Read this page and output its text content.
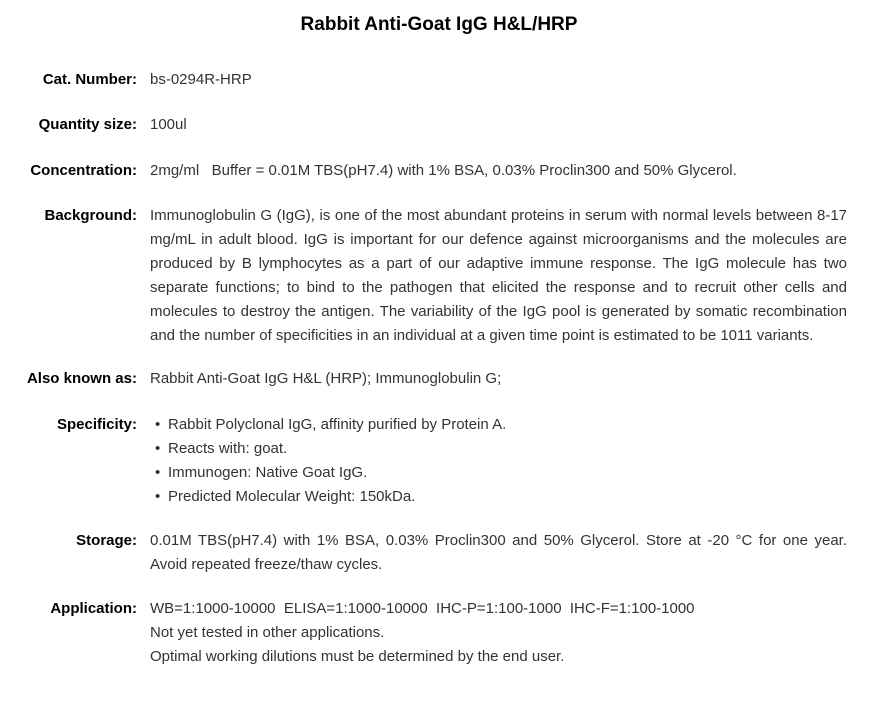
Rabbit Anti-Goat IgG H&L/HRP
Cat. Number: bs-0294R-HRP
Quantity size: 100ul
Concentration: 2mg/ml   Buffer = 0.01M TBS(pH7.4) with 1% BSA, 0.03% Proclin300 and 50% Glycerol.
Background: Immunoglobulin G (IgG), is one of the most abundant proteins in serum with normal levels between 8-17 mg/mL in adult blood. IgG is important for our defence against microorganisms and the molecules are produced by B lymphocytes as a part of our adaptive immune response. The IgG molecule has two separate functions; to bind to the pathogen that elicited the response and to recruit other cells and molecules to destroy the antigen. The variability of the IgG pool is generated by somatic recombination and the number of specificities in an individual at a given time point is estimated to be 1011 variants.
Also known as: Rabbit Anti-Goat IgG H&L (HRP); Immunoglobulin G;
Specificity: • Rabbit Polyclonal IgG, affinity purified by Protein A.
• Reacts with: goat.
• Immunogen: Native Goat IgG.
• Predicted Molecular Weight: 150kDa.
Storage: 0.01M TBS(pH7.4) with 1% BSA, 0.03% Proclin300 and 50% Glycerol. Store at -20 °C for one year. Avoid repeated freeze/thaw cycles.
Application: WB=1:1000-10000  ELISA=1:1000-10000  IHC-P=1:100-1000  IHC-F=1:100-1000
Not yet tested in other applications.
Optimal working dilutions must be determined by the end user.
